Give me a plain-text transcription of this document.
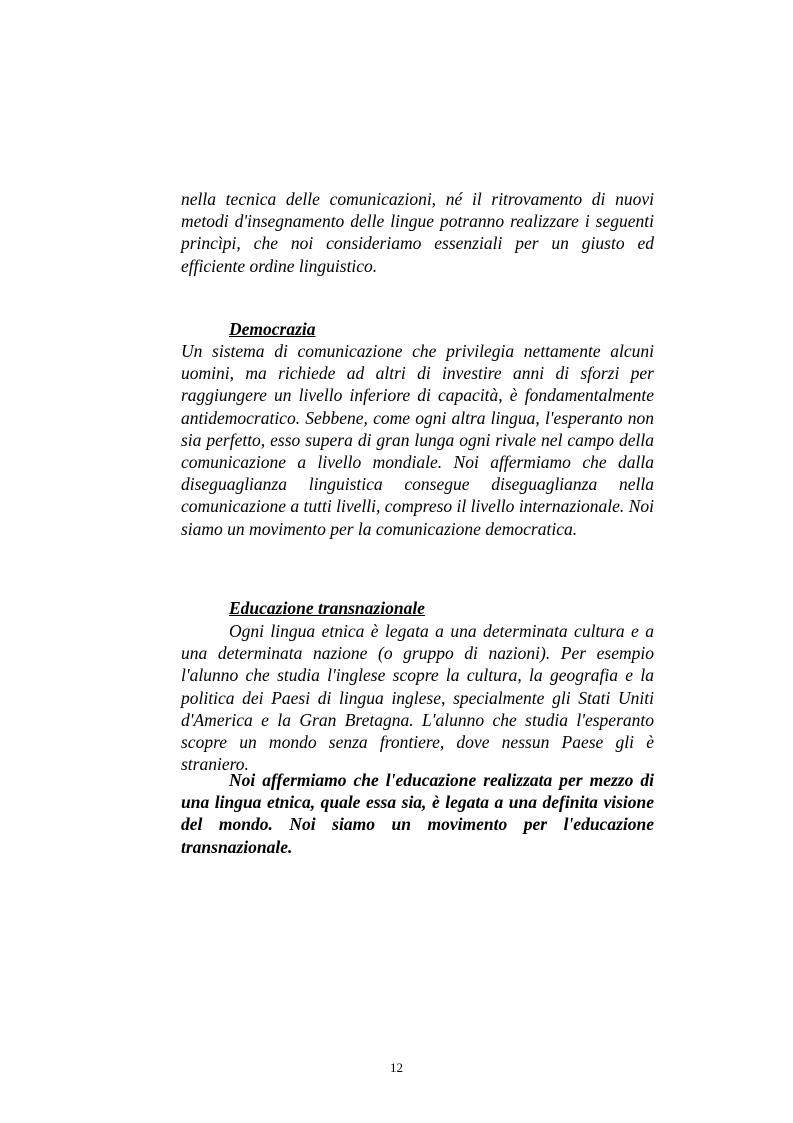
nella tecnica delle comunicazioni, né il ritrovamento di nuovi metodi d'insegnamento delle lingue potranno realizzare i seguenti princìpi, che noi consideriamo essenziali per un giusto ed efficiente ordine linguistico.

Democrazia

Un sistema di comunicazione che privilegia nettamente alcuni uomini, ma richiede ad altri di investire anni di sforzi per raggiungere un livello inferiore di capacità, è fondamentalmente antidemocratico. Sebbene, come ogni altra lingua, l'esperanto non sia perfetto, esso supera di gran lunga ogni rivale nel campo della comunicazione a livello mondiale. Noi affermiamo che dalla diseguaglianza linguistica consegue diseguaglianza nella comunicazione a tutti livelli, compreso il livello internazionale. Noi siamo un movimento per la comunicazione democratica.

Educazione transnazionale

Ogni lingua etnica è legata a una determinata cultura e a una determinata nazione (o gruppo di nazioni). Per esempio l'alunno che studia l'inglese scopre la cultura, la geografia e la politica dei Paesi di lingua inglese, specialmente gli Stati Uniti d'America e la Gran Bretagna. L'alunno che studia l'esperanto scopre un mondo senza frontiere, dove nessun Paese gli è straniero.

Noi affermiamo che l'educazione realizzata per mezzo di una lingua etnica, quale essa sia, è legata a una definita visione del mondo. Noi siamo un movimento per l'educazione transnazionale.

12
